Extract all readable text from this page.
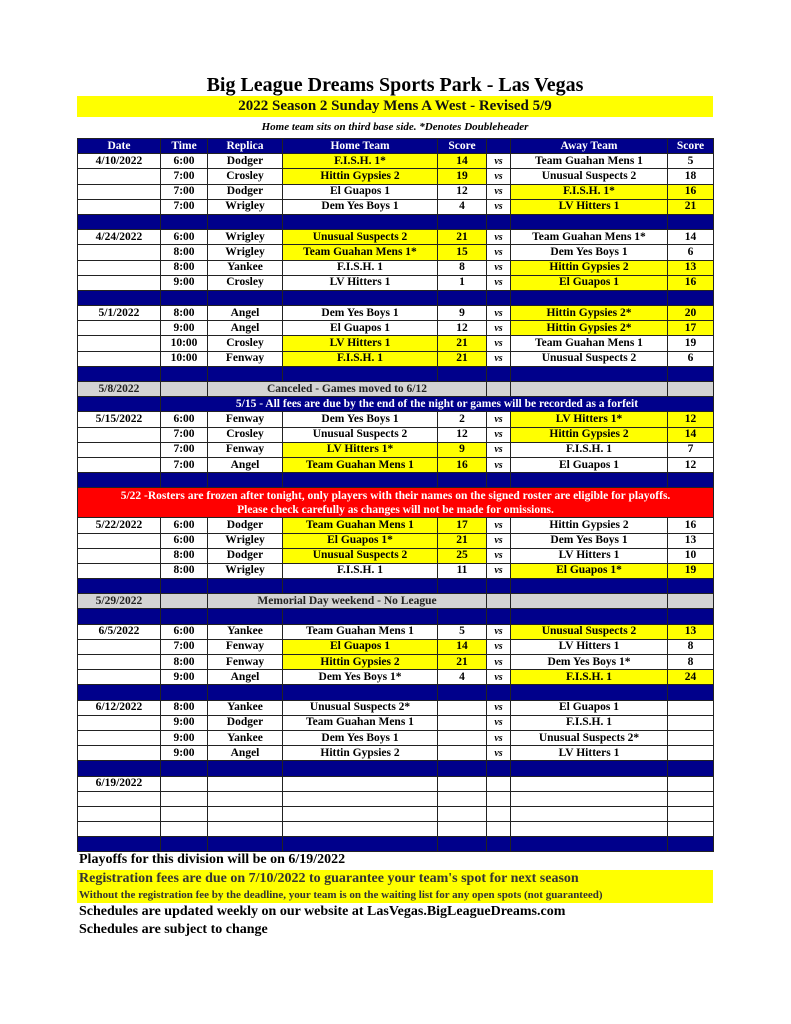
Big League Dreams Sports Park - Las Vegas
2022 Season 2 Sunday Mens A West - Revised 5/9
Home team sits on third base side. *Denotes Doubleheader
Date	Time	Replica	Home Team	Score		Away Team	Score
4/10/2022	6:00	Dodger	F.I.S.H. 1*	14	vs	Team Guahan Mens 1	5
	7:00	Crosley	Hittin Gypsies 2	19	vs	Unusual Suspects 2	18
	7:00	Dodger	El Guapos 1	12	vs	F.I.S.H. 1*	16
	7:00	Wrigley	Dem Yes Boys 1	4	vs	LV Hitters 1	21

4/24/2022	6:00	Wrigley	Unusual Suspects 2	21	vs	Team Guahan Mens 1*	14
	8:00	Wrigley	Team Guahan Mens 1*	15	vs	Dem Yes Boys 1	6
	8:00	Yankee	F.I.S.H. 1	8	vs	Hittin Gypsies 2	13
	9:00	Crosley	LV Hitters 1	1	vs	El Guapos 1	16

5/1/2022	8:00	Angel	Dem Yes Boys 1	9	vs	Hittin Gypsies 2*	20
	9:00	Angel	El Guapos 1	12	vs	Hittin Gypsies 2*	17
	10:00	Crosley	LV Hitters 1	21	vs	Team Guahan Mens 1	19
	10:00	Fenway	F.I.S.H. 1	21	vs	Unusual Suspects 2	6

5/8/2022		Canceled - Games moved to 6/12					
	5/15 - All fees are due by the end of the night or games will be recorded as a forfeit						
5/15/2022	6:00	Fenway	Dem Yes Boys 1	2	vs	LV Hitters 1*	12
	7:00	Crosley	Unusual Suspects 2	12	vs	Hittin Gypsies 2	14
	7:00	Fenway	LV Hitters 1*	9	vs	F.I.S.H. 1	7
	7:00	Angel	Team Guahan Mens 1	16	vs	El Guapos 1	12

5/22 -Rosters are frozen after tonight, only players with their names on the signed roster are eligible for playoffs.
Please check carefully as changes will not be made for omissions.							

5/22/2022	6:00	Dodger	Team Guahan Mens 1	17	vs	Hittin Gypsies 2	16
	6:00	Wrigley	El Guapos 1*	21	vs	Dem Yes Boys 1	13
	8:00	Dodger	Unusual Suspects 2	25	vs	LV Hitters 1	10
	8:00	Wrigley	F.I.S.H. 1	11	vs	El Guapos 1*	19

5/29/2022		Memorial Day weekend - No League					

6/5/2022	6:00	Yankee	Team Guahan Mens 1	5	vs	Unusual Suspects 2	13
	7:00	Fenway	El Guapos 1	14	vs	LV Hitters 1	8
	8:00	Fenway	Hittin Gypsies 2	21	vs	Dem Yes Boys 1*	8
	9:00	Angel	Dem Yes Boys 1*	4	vs	F.I.S.H. 1	24

6/12/2022	8:00	Yankee	Unusual Suspects 2*		vs	El Guapos 1	
	9:00	Dodger	Team Guahan Mens 1		vs	F.I.S.H. 1	
	9:00	Yankee	Dem Yes Boys 1		vs	Unusual Suspects 2*	
	9:00	Angel	Hittin Gypsies 2		vs	LV Hitters 1	

6/19/2022							

Playoffs for this division will be on 6/19/2022
Registration fees are due on 7/10/2022 to guarantee your team's spot for next season
Without the registration fee by the deadline, your team is on the waiting list for any open spots (not guaranteed)
Schedules are updated weekly on our website at LasVegas.BigLeagueDreams.com
Schedules are subject to change
